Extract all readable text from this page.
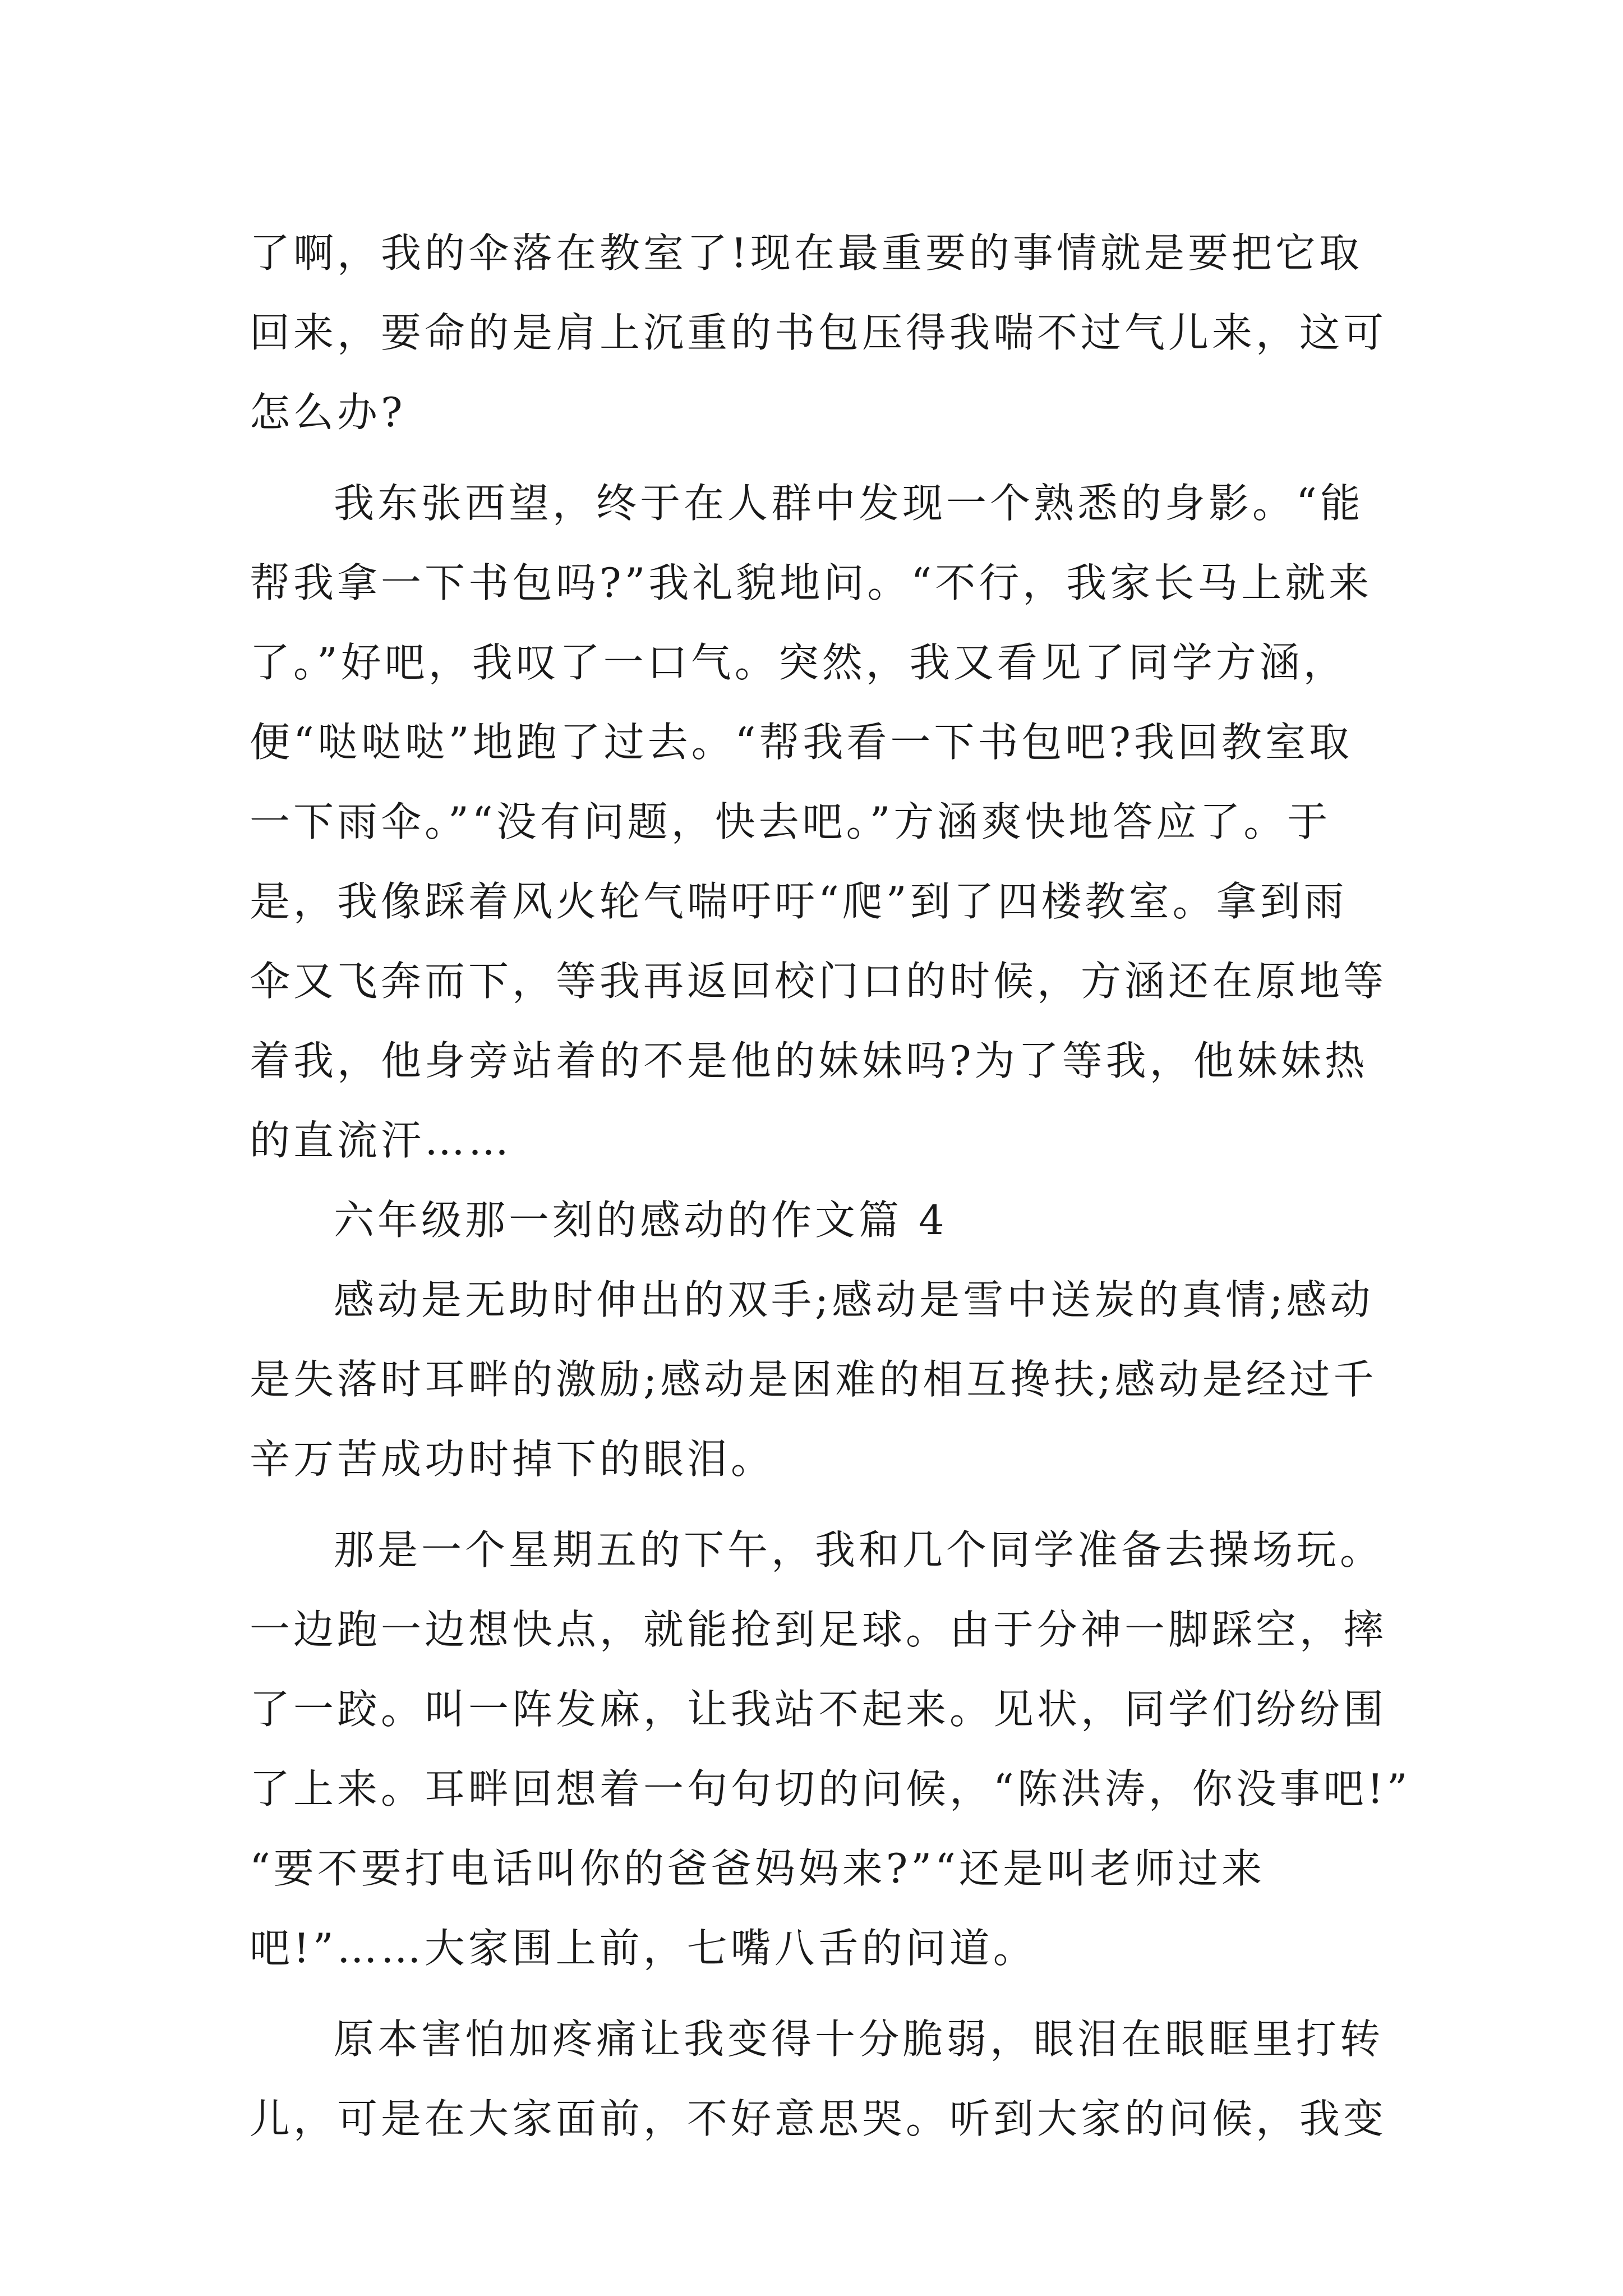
了啊，我的伞落在教室了!现在最重要的事情就是要把它取
回来，要命的是肩上沉重的书包压得我喘不过气儿来，这可
怎么办?
我东张西望，终于在人群中发现一个熟悉的身影。“能
帮我拿一下书包吗?”我礼貌地问。“不行，我家长马上就来
了。”好吧，我叹了一口气。突然，我又看见了同学方涵，
便“哒哒哒”地跑了过去。“帮我看一下书包吧?我回教室取
一下雨伞。”“没有问题，快去吧。”方涵爽快地答应了。于
是，我像踩着风火轮气喘吁吁“爬”到了四楼教室。拿到雨
伞又飞奔而下，等我再返回校门口的时候，方涵还在原地等
着我，他身旁站着的不是他的妹妹吗?为了等我，他妹妹热
的直流汗……
六年级那一刻的感动的作文篇 4
感动是无助时伸出的双手;感动是雪中送炭的真情;感动
是失落时耳畔的激励;感动是困难的相互搀扶;感动是经过千
辛万苦成功时掉下的眼泪。
那是一个星期五的下午，我和几个同学准备去操场玩。
一边跑一边想快点，就能抢到足球。由于分神一脚踩空，摔
了一跤。叫一阵发麻，让我站不起来。见状，同学们纷纷围
了上来。耳畔回想着一句句切的问候，“陈洪涛，你没事吧!”
“要不要打电话叫你的爸爸妈妈来?”“还是叫老师过来
吧!”……大家围上前，七嘴八舌的问道。
原本害怕加疼痛让我变得十分脆弱，眼泪在眼眶里打转
儿，可是在大家面前，不好意思哭。听到大家的问候，我变
